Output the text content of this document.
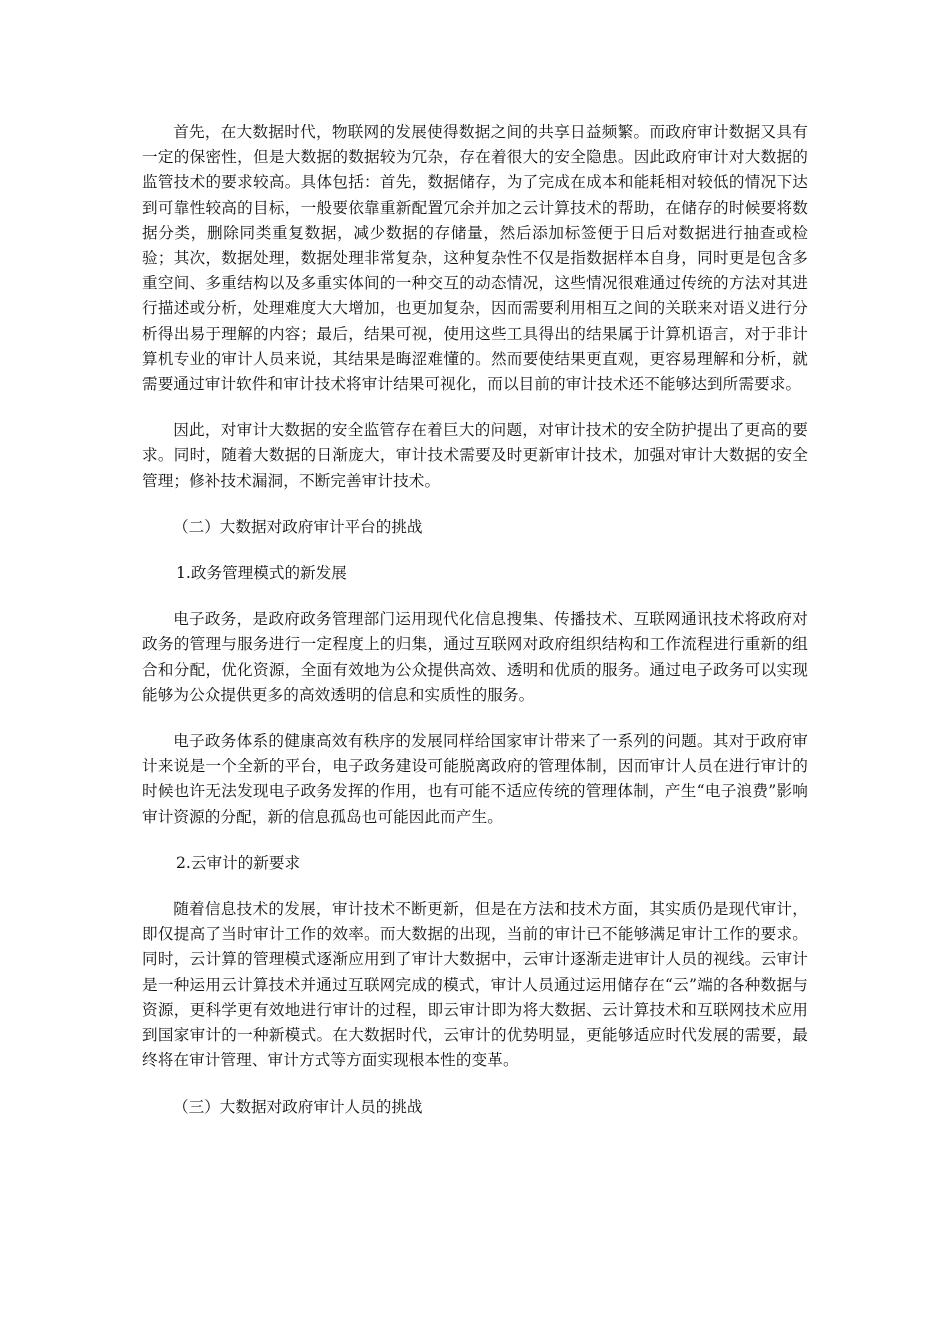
首先，在大数据时代，物联网的发展使得数据之间的共享日益频繁。而政府审计数据又具有一定的保密性，但是大数据的数据较为冗杂，存在着很大的安全隐患。因此政府审计对大数据的监管技术的要求较高。具体包括：首先，数据储存，为了完成在成本和能耗相对较低的情况下达到可靠性较高的目标，一般要依靠重新配置冗余并加之云计算技术的帮助，在储存的时候要将数据分类，删除同类重复数据，减少数据的存储量，然后添加标签便于日后对数据进行抽查或检验；其次，数据处理，数据处理非常复杂，这种复杂性不仅是指数据样本自身，同时更是包含多重空间、多重结构以及多重实体间的一种交互的动态情况，这些情况很难通过传统的方法对其进行描述或分析，处理难度大大增加，也更加复杂，因而需要利用相互之间的关联来对语义进行分析得出易于理解的内容；最后，结果可视，使用这些工具得出的结果属于计算机语言，对于非计算机专业的审计人员来说，其结果是晦涩难懂的。然而要使结果更直观，更容易理解和分析，就需要通过审计软件和审计技术将审计结果可视化，而以目前的审计技术还不能够达到所需要求。

因此，对审计大数据的安全监管存在着巨大的问题，对审计技术的安全防护提出了更高的要求。同时，随着大数据的日渐庞大，审计技术需要及时更新审计技术，加强对审计大数据的安全管理；修补技术漏洞，不断完善审计技术。

（二）大数据对政府审计平台的挑战

1.政务管理模式的新发展

电子政务，是政府政务管理部门运用现代化信息搜集、传播技术、互联网通讯技术将政府对政务的管理与服务进行一定程度上的归集，通过互联网对政府组织结构和工作流程进行重新的组合和分配，优化资源，全面有效地为公众提供高效、透明和优质的服务。通过电子政务可以实现能够为公众提供更多的高效透明的信息和实质性的服务。

电子政务体系的健康高效有秩序的发展同样给国家审计带来了一系列的问题。其对于政府审计来说是一个全新的平台，电子政务建设可能脱离政府的管理体制，因而审计人员在进行审计的时候也许无法发现电子政务发挥的作用，也有可能不适应传统的管理体制，产生“电子浪费”影响审计资源的分配，新的信息孤岛也可能因此而产生。

2.云审计的新要求

随着信息技术的发展，审计技术不断更新，但是在方法和技术方面，其实质仍是现代审计，即仅提高了当时审计工作的效率。而大数据的出现，当前的审计已不能够满足审计工作的要求。同时，云计算的管理模式逐渐应用到了审计大数据中，云审计逐渐走进审计人员的视线。云审计是一种运用云计算技术并通过互联网完成的模式，审计人员通过运用储存在“云”端的各种数据与资源，更科学更有效地进行审计的过程，即云审计即为将大数据、云计算技术和互联网技术应用到国家审计的一种新模式。在大数据时代，云审计的优势明显，更能够适应时代发展的需要，最终将在审计管理、审计方式等方面实现根本性的变革。

（三）大数据对政府审计人员的挑战
